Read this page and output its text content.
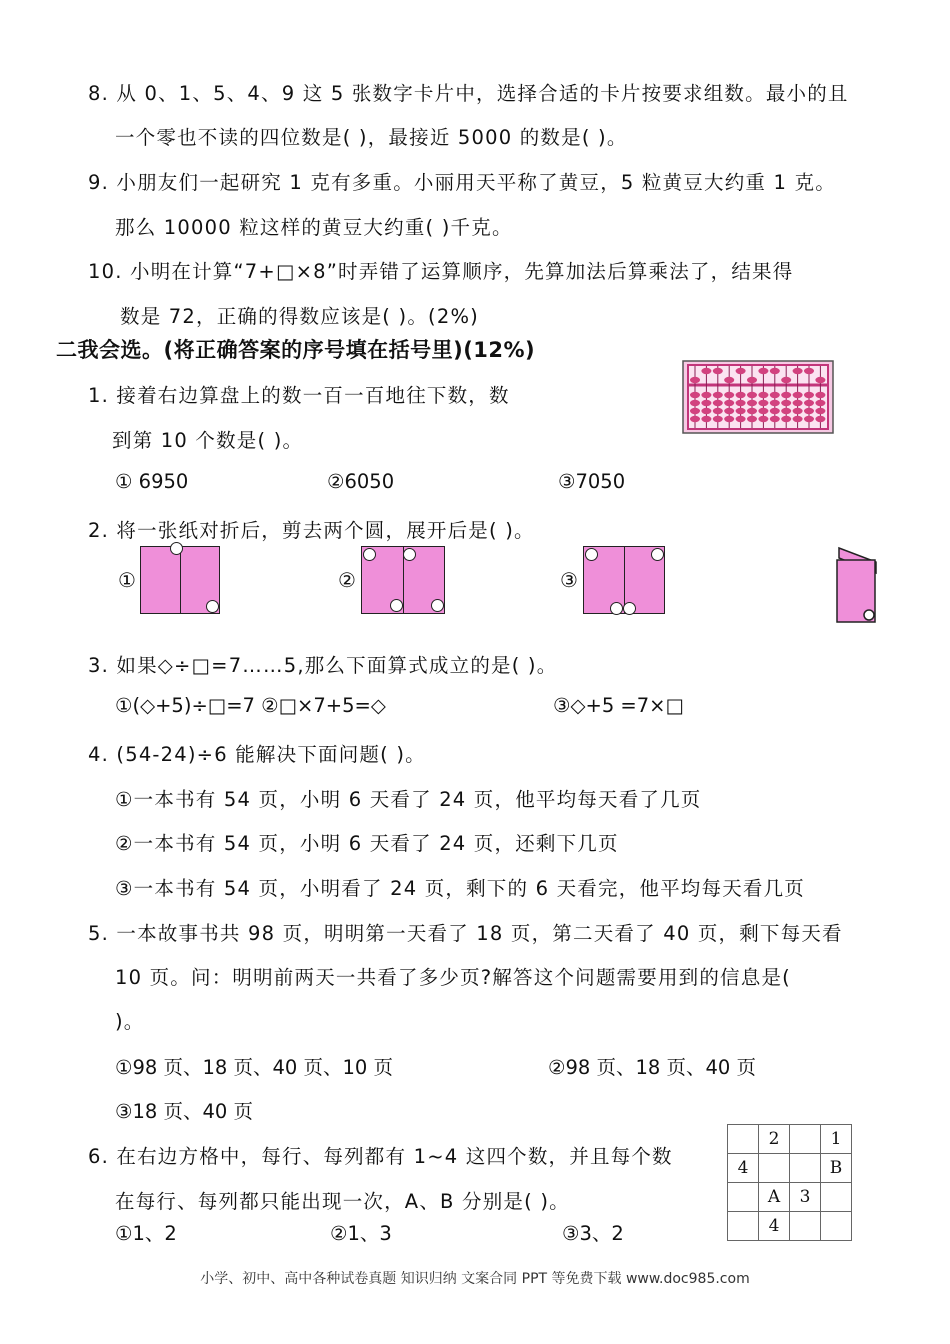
8. 从 0、1、5、4、9 这 5 张数字卡片中，选择合适的卡片按要求组数。最小的且
一个零也不读的四位数是( )，最接近 5000 的数是( )。
9. 小朋友们一起研究 1 克有多重。小丽用天平称了黄豆，5 粒黄豆大约重 1 克。
那么 10000 粒这样的黄豆大约重( )千克。
10. 小明在计算“7+□×8”时弄错了运算顺序，先算加法后算乘法了，结果得
数是 72，正确的得数应该是( )。(2%)
二我会选。(将正确答案的序号填在括号里)(12%)
1. 接着右边算盘上的数一百一百地往下数，数
到第 10 个数是( )。
① 6950	②6050	③7050
2. 将一张纸对折后，剪去两个圆，展开后是( )。
①	②	③
3. 如果◇÷□=7……5,那么下面算式成立的是( )。
①(◇+5)÷□=7 ②□×7+5=◇	③◇+5 =7×□
4. (54-24)÷6 能解决下面问题( )。
①一本书有 54 页，小明 6 天看了 24 页，他平均每天看了几页
②一本书有 54 页，小明 6 天看了 24 页，还剩下几页
③一本书有 54 页，小明看了 24 页，剩下的 6 天看完，他平均每天看几页
5. 一本故事书共 98 页，明明第一天看了 18 页，第二天看了 40 页，剩下每天看
10 页。问：明明前两天一共看了多少页?解答这个问题需要用到的信息是(
)。
①98 页、18 页、40 页、10 页	②98 页、18 页、40 页
③18 页、40 页
6. 在右边方格中，每行、每列都有 1~4 这四个数，并且每个数
在每行、每列都只能出现一次，A、B 分别是( )。
①1、2	②1、3	③3、2
	2		1
4			B
	A	3	
	4		
小学、初中、高中各种试卷真题 知识归纳 文案合同 PPT 等免费下载 www.doc985.com
